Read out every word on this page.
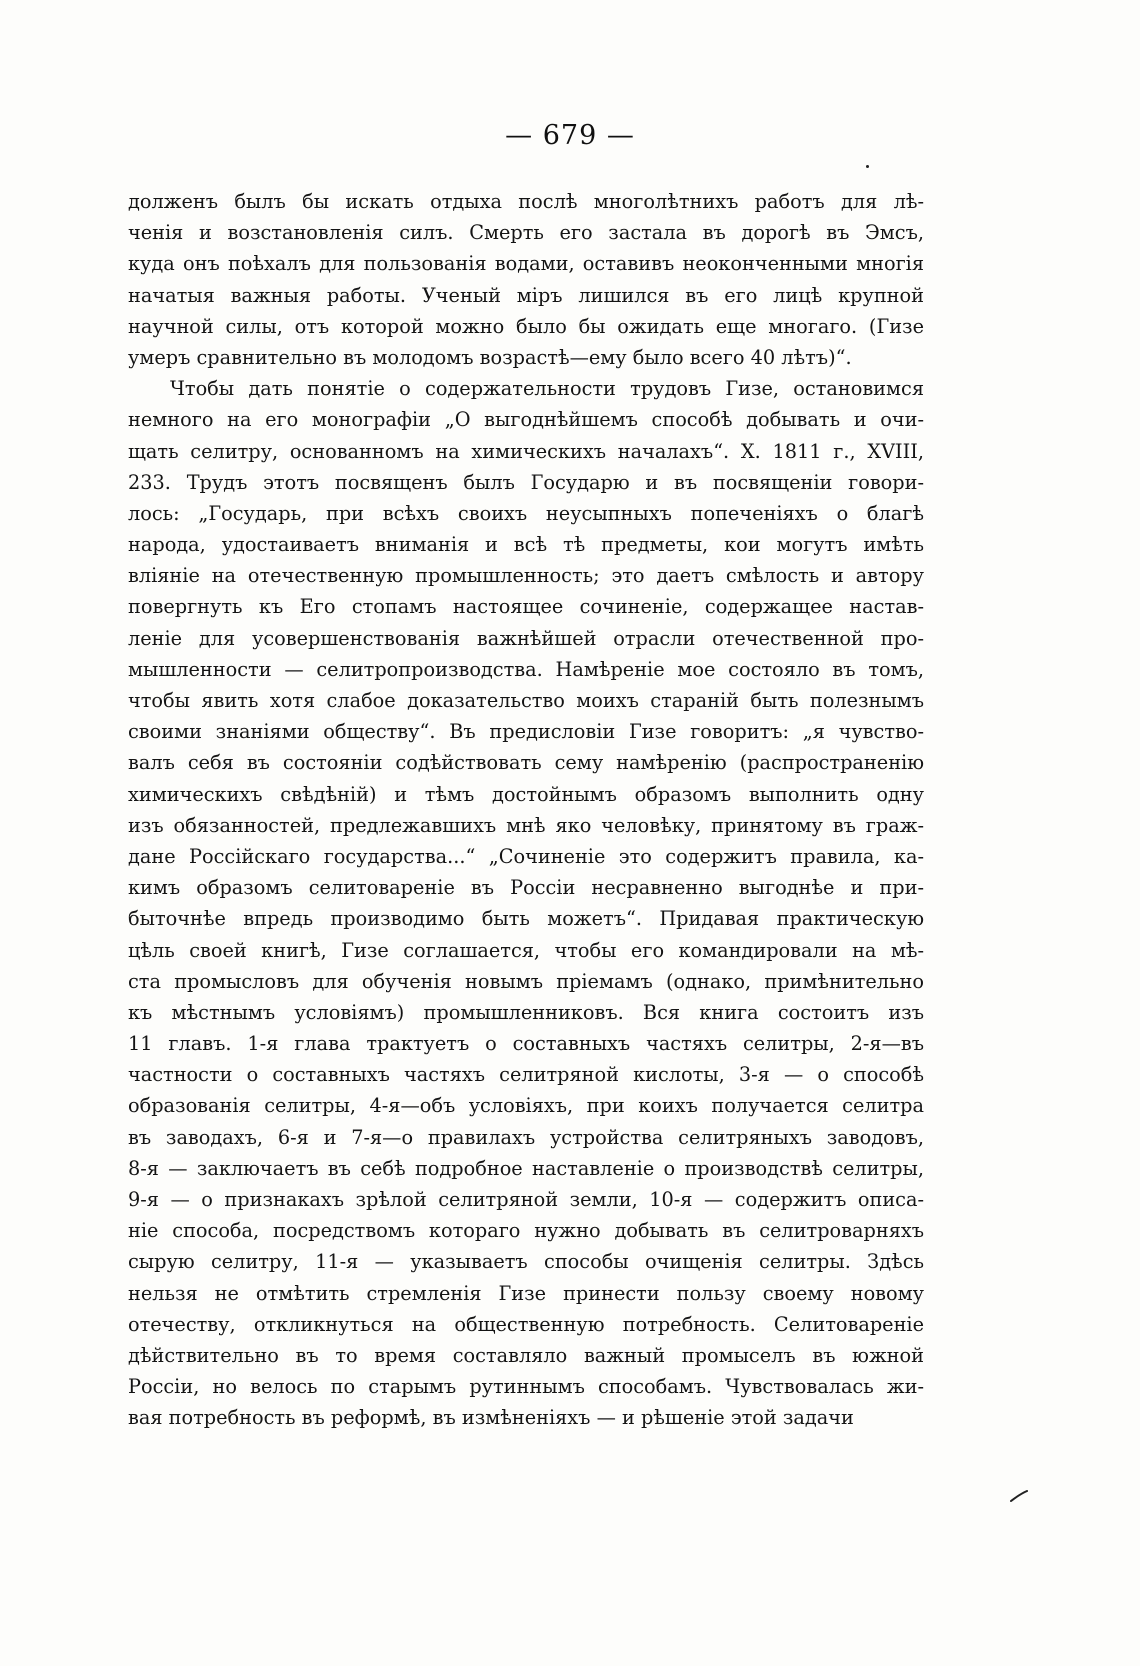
— 679 —
долженъ былъ бы искать отдыха послѣ многолѣтнихъ работъ для лѣ-
ченія и возстановленія силъ. Смерть его застала въ дорогѣ въ Эмсъ,
куда онъ поѣхалъ для пользованія водами, оставивъ неоконченными многія
начатыя важныя работы. Ученый міръ лишился въ его лицѣ крупной
научной силы, отъ которой можно было бы ожидать еще многаго. (Гизе
умеръ сравнительно въ молодомъ возрастѣ—ему было всего 40 лѣтъ)“.
Чтобы дать понятіе о содержательности трудовъ Гизе, остановимся
немного на его монографіи „О выгоднѣйшемъ способѣ добывать и очи-
щать селитру, основанномъ на химическихъ началахъ“. X. 1811 г., XVIII,
233. Трудъ этотъ посвященъ былъ Государю и въ посвященіи говори-
лось: „Государь, при всѣхъ своихъ неусыпныхъ попеченіяхъ о благѣ
народа, удостаиваетъ вниманія и всѣ тѣ предметы, кои могутъ имѣть
вліяніе на отечественную промышленность; это даетъ смѣлость и автору
повергнуть къ Его стопамъ настоящее сочиненіе, содержащее настав-
леніе для усовершенствованія важнѣйшей отрасли отечественной про-
мышленности — селитропроизводства. Намѣреніе мое состояло въ томъ,
чтобы явить хотя слабое доказательство моихъ стараній быть полезнымъ
своими знаніями обществу“. Въ предисловіи Гизе говоритъ: „я чувство-
валъ себя въ состояніи содѣйствовать сему намѣренію (распространенію
химическихъ свѣдѣній) и тѣмъ достойнымъ образомъ выполнить одну
изъ обязанностей, предлежавшихъ мнѣ яко человѣку, принятому въ граж-
дане Россійскаго государства...“ „Сочиненіе это содержитъ правила, ка-
кимъ образомъ селитовареніе въ Россіи несравненно выгоднѣе и при-
быточнѣе впредь производимо быть можетъ“. Придавая практическую
цѣль своей книгѣ, Гизе соглашается, чтобы его командировали на мѣ-
ста промысловъ для обученія новымъ пріемамъ (однако, примѣнительно
къ мѣстнымъ условіямъ) промышленниковъ. Вся книга состоитъ изъ
11 главъ. 1-я глава трактуетъ о составныхъ частяхъ селитры, 2-я—въ
частности о составныхъ частяхъ селитряной кислоты, 3-я — о способѣ
образованія селитры, 4-я—объ условіяхъ, при коихъ получается селитра
въ заводахъ, 6-я и 7-я—о правилахъ устройства селитряныхъ заводовъ,
8-я — заключаетъ въ себѣ подробное наставленіе о производствѣ селитры,
9-я — о признакахъ зрѣлой селитряной земли, 10-я — содержитъ описа-
ніе способа, посредствомъ котораго нужно добывать въ селитроварняхъ
сырую селитру, 11-я — указываетъ способы очищенія селитры. Здѣсь
нельзя не отмѣтить стремленія Гизе принести пользу своему новому
отечеству, откликнуться на общественную потребность. Селитовареніе
дѣйствительно въ то время составляло важный промыселъ въ южной
Россіи, но велось по старымъ рутиннымъ способамъ. Чувствовалась жи-
вая потребность въ реформѣ, въ измѣненіяхъ — и рѣшеніе этой задачи
